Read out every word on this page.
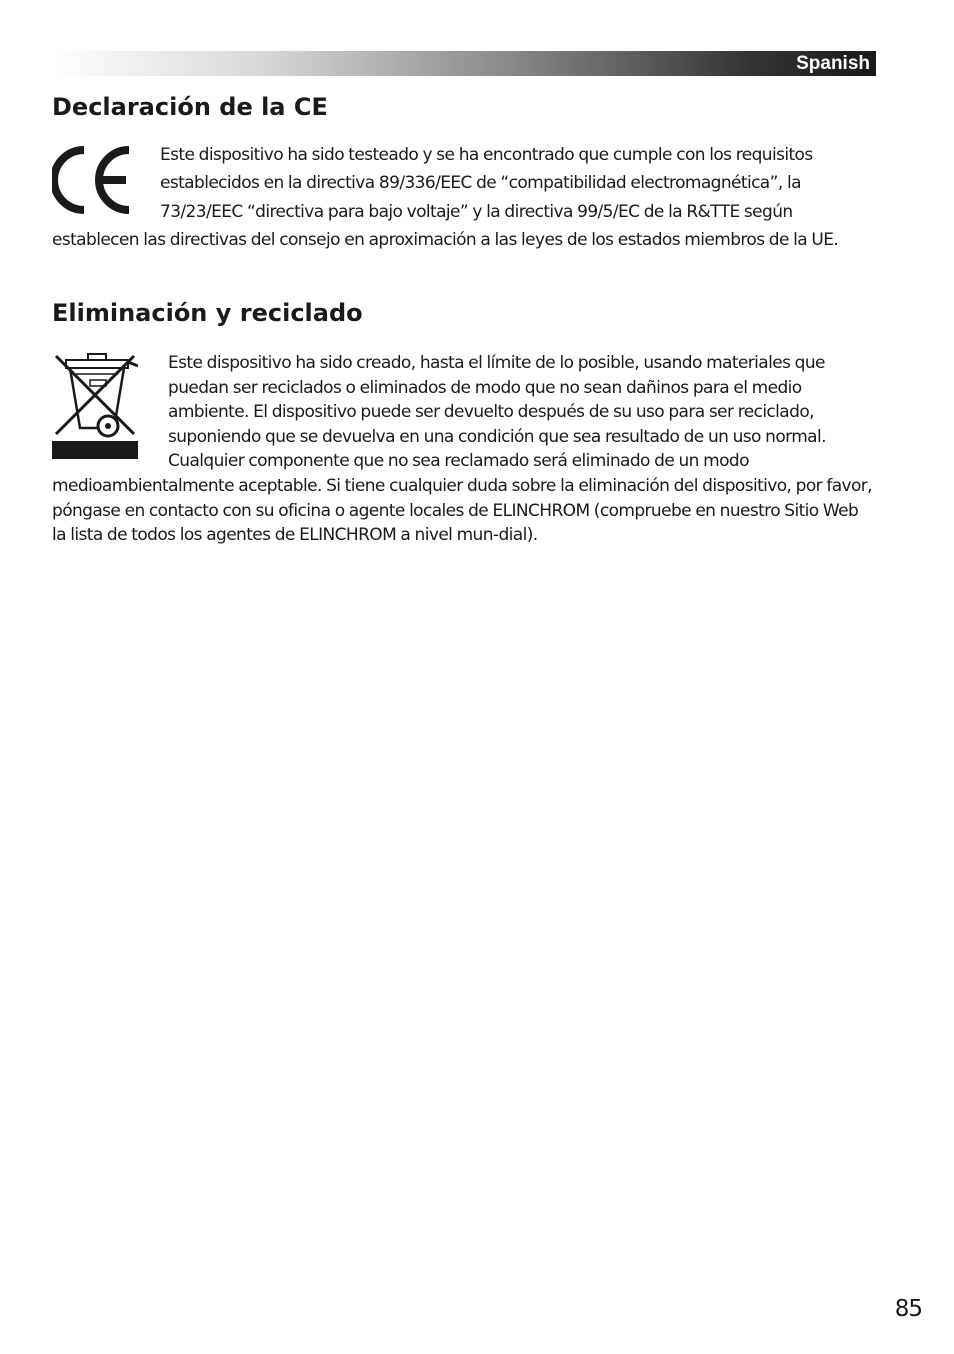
Spanish
Declaración de la CE

Este dispositivo ha sido testeado y se ha encontrado que cumple con los requisitos establecidos en la directiva 89/336/EEC de “compatibilidad electromagnética”, la 73/23/EEC “directiva para bajo voltaje” y la directiva 99/5/EC de la R&TTE según establecen las directivas del consejo en aproximación a las leyes de los estados miembros de la UE.

Eliminación y reciclado

Este dispositivo ha sido creado, hasta el límite de lo posible, usando materiales que puedan ser reciclados o eliminados de modo que no sean dañinos para el medio ambiente. El dispositivo puede ser devuelto después de su uso para ser reciclado, suponiendo que se devuelva en una condición que sea resultado de un uso normal. Cualquier componente que no sea reclamado será eliminado de un modo medioambientalmente aceptable. Si tiene cualquier duda sobre la eliminación del dispositivo, por favor, póngase en contacto con su oficina o agente locales de ELINCHROM (compruebe en nuestro Sitio Web la lista de todos los agentes de ELINCHROM a nivel mun-dial).

85
